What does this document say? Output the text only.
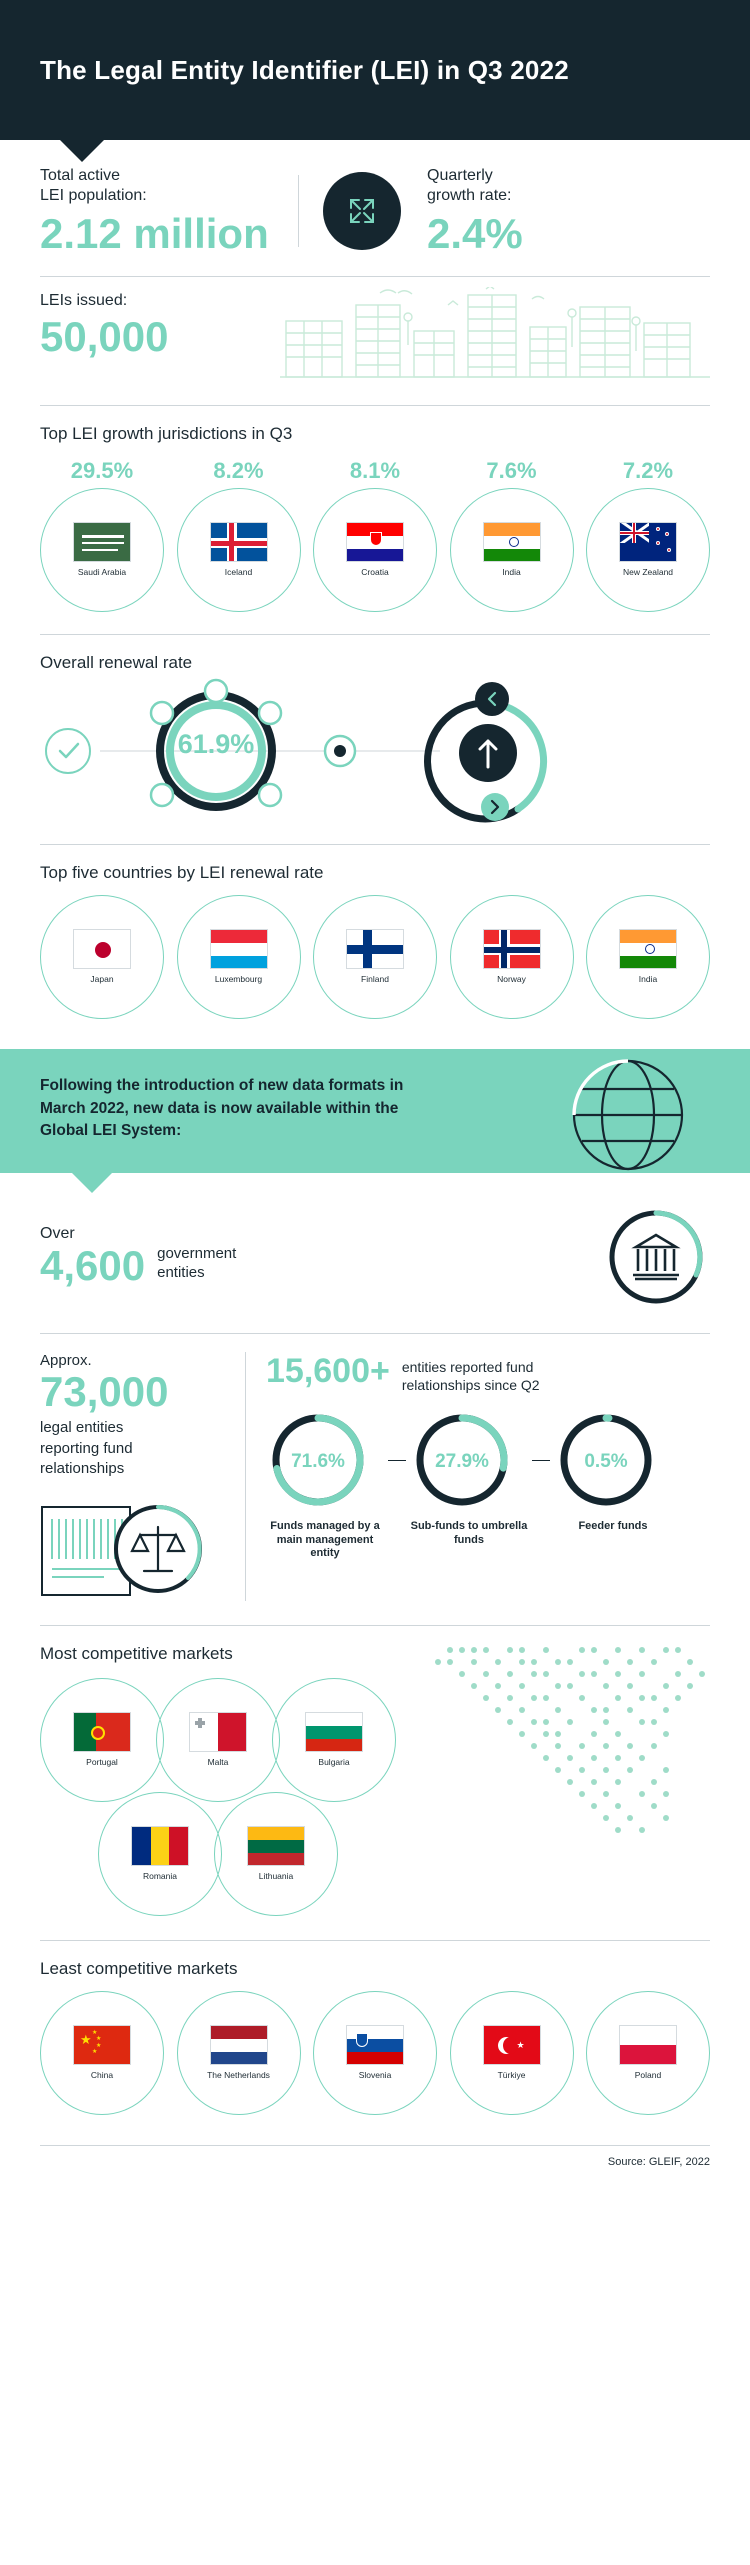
The Legal Entity Identifier (LEI) in Q3 2022
Total active
LEI population:
2.12 million
Quarterly
growth rate:
2.4%
LEIs issued:
50,000
Top LEI growth jurisdictions in Q3
29.5%	8.2%	8.1%	7.6%	7.2%
Saudi Arabia	Iceland	Croatia	India	New Zealand
Overall renewal rate
61.9%
Top five countries by LEI renewal rate
Japan	Luxembourg	Finland	Norway	India
Following the introduction of new data formats in March 2022, new data is now available within the Global LEI System:
Over
4,600 government
entities
Approx.
73,000
legal entities
reporting fund
relationships
15,600+ entities reported fund
relationships since Q2
71.6%
Funds managed by a main management entity
27.9%
Sub-funds to umbrella funds
0.5%
Feeder funds
Most competitive markets
Portugal	Malta	Bulgaria
Romania	Lithuania
Least competitive markets
★ ★
★
★
★
China	The Netherlands	Slovenia
★
Türkiye	Poland
Source: GLEIF, 2022
